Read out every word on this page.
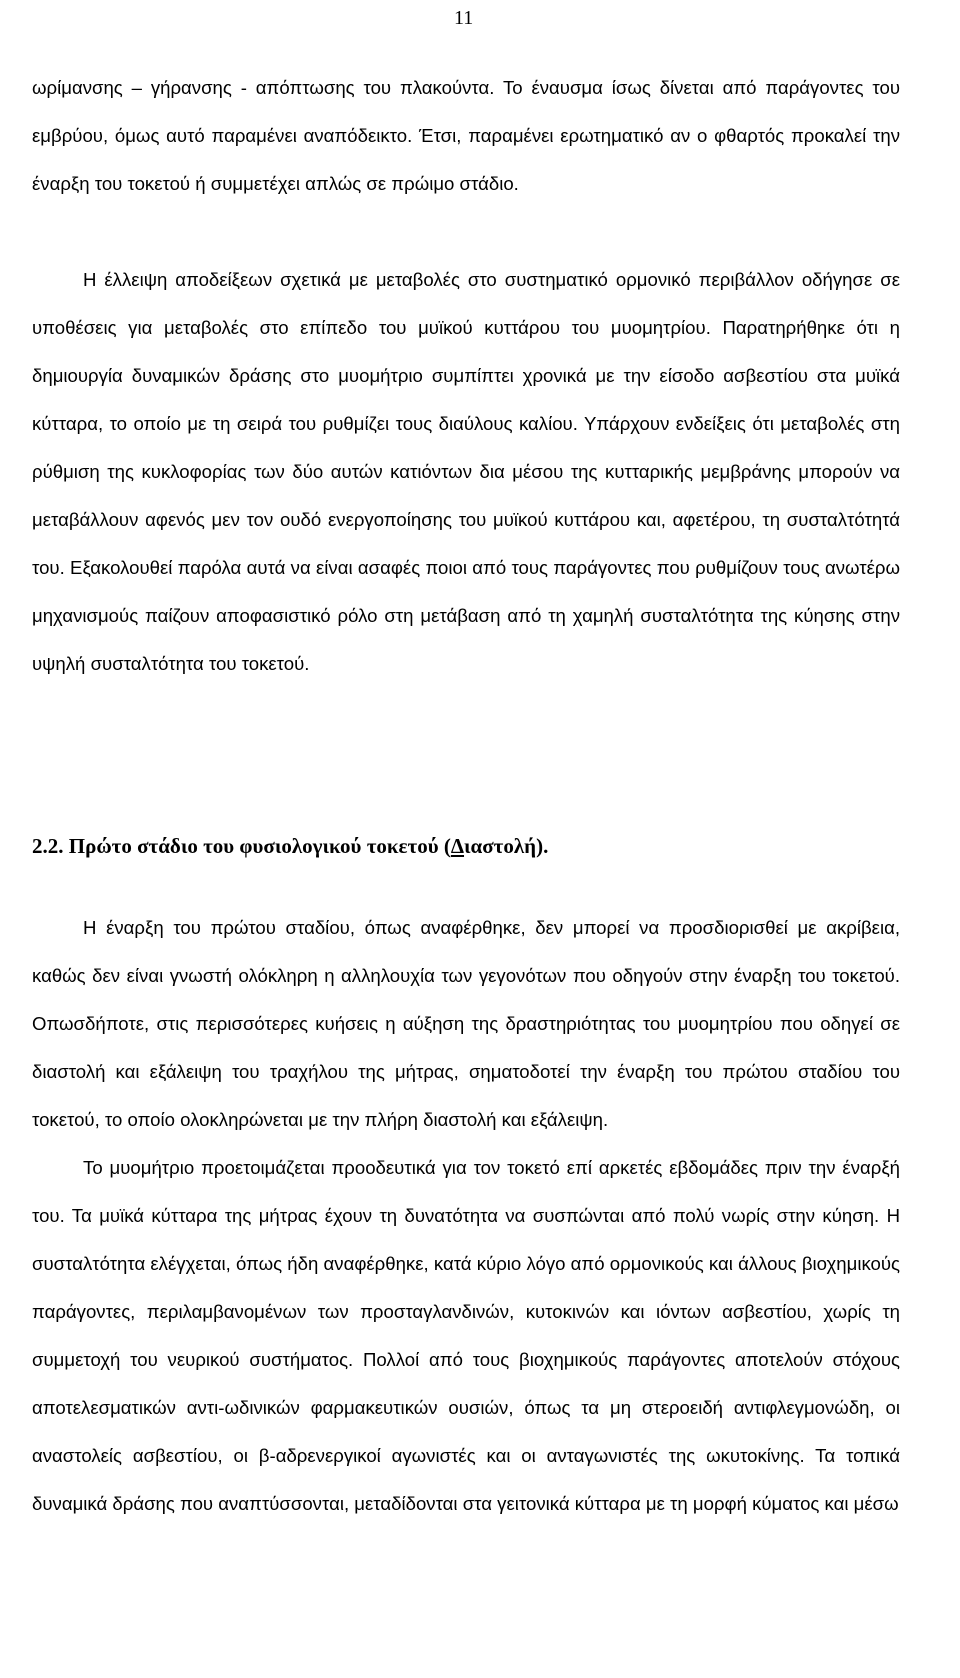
11

ωρίμανσης – γήρανσης - απόπτωσης του πλακούντα. Το έναυσμα ίσως δίνεται από παράγοντες του εμβρύου, όμως αυτό παραμένει αναπόδεικτο. Έτσι, παραμένει ερωτηματικό αν ο φθαρτός προκαλεί την έναρξη του τοκετού ή συμμετέχει απλώς σε πρώιμο στάδιο.

Η έλλειψη αποδείξεων σχετικά με μεταβολές στο συστηματικό ορμονικό περιβάλλον οδήγησε σε υποθέσεις για μεταβολές στο επίπεδο του μυϊκού κυττάρου του μυομητρίου. Παρατηρήθηκε ότι η δημιουργία δυναμικών δράσης στο μυομήτριο συμπίπτει χρονικά με την είσοδο ασβεστίου στα μυϊκά κύτταρα, το οποίο με τη σειρά του ρυθμίζει τους διαύλους καλίου. Υπάρχουν ενδείξεις ότι μεταβολές στη ρύθμιση της κυκλοφορίας των δύο αυτών κατιόντων δια μέσου της κυτταρικής μεμβράνης μπορούν να μεταβάλλουν αφενός μεν τον ουδό ενεργοποίησης του μυϊκού κυττάρου και, αφετέρου, τη συσταλτότητά του. Εξακολουθεί παρόλα αυτά να είναι ασαφές ποιοι από τους παράγοντες που ρυθμίζουν τους ανωτέρω μηχανισμούς παίζουν αποφασιστικό ρόλο στη μετάβαση από τη χαμηλή συσταλτότητα της κύησης στην υψηλή συσταλτότητα του τοκετού.

2.2. Πρώτο στάδιο του φυσιολογικού τοκετού (Διαστολή).

Η έναρξη του πρώτου σταδίου, όπως αναφέρθηκε, δεν μπορεί να προσδιορισθεί με ακρίβεια, καθώς δεν είναι γνωστή ολόκληρη η αλληλουχία των γεγονότων που οδηγούν στην έναρξη του τοκετού. Οπωσδήποτε, στις περισσότερες κυήσεις η αύξηση της δραστηριότητας του μυομητρίου που οδηγεί σε διαστολή και εξάλειψη του τραχήλου της μήτρας, σηματοδοτεί την έναρξη του πρώτου σταδίου του τοκετού, το οποίο ολοκληρώνεται με την πλήρη διαστολή και εξάλειψη.

Το μυομήτριο προετοιμάζεται προοδευτικά για τον τοκετό επί αρκετές εβδομάδες πριν την έναρξή του. Τα μυϊκά κύτταρα της μήτρας έχουν τη δυνατότητα να συσπώνται από πολύ νωρίς στην κύηση. Η συσταλτότητα ελέγχεται, όπως ήδη αναφέρθηκε, κατά κύριο λόγο από ορμονικούς και άλλους βιοχημικούς παράγοντες, περιλαμβανομένων των προσταγλανδινών, κυτοκινών και ιόντων ασβεστίου, χωρίς τη συμμετοχή του νευρικού συστήματος. Πολλοί από τους βιοχημικούς παράγοντες αποτελούν στόχους αποτελεσματικών αντι-ωδινικών φαρμακευτικών ουσιών, όπως τα μη στεροειδή αντιφλεγμονώδη, οι αναστολείς ασβεστίου, οι β-αδρενεργικοί αγωνιστές και οι ανταγωνιστές της ωκυτοκίνης. Τα τοπικά δυναμικά δράσης που αναπτύσσονται, μεταδίδονται στα γειτονικά κύτταρα με τη μορφή κύματος και μέσω
